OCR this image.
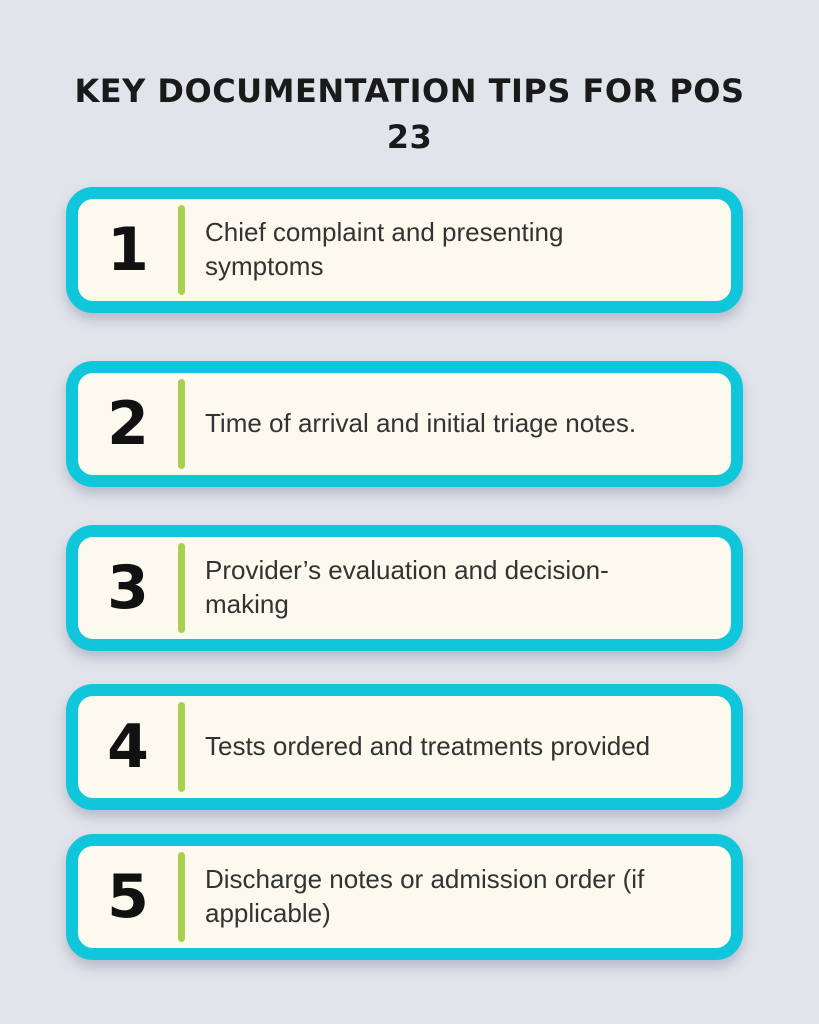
KEY DOCUMENTATION TIPS FOR POS 23
1	Chief complaint and presenting symptoms
2	Time of arrival and initial triage notes.
3	Provider’s evaluation and decision-making
4	Tests ordered and treatments provided
5	Discharge notes or admission order (if applicable)
